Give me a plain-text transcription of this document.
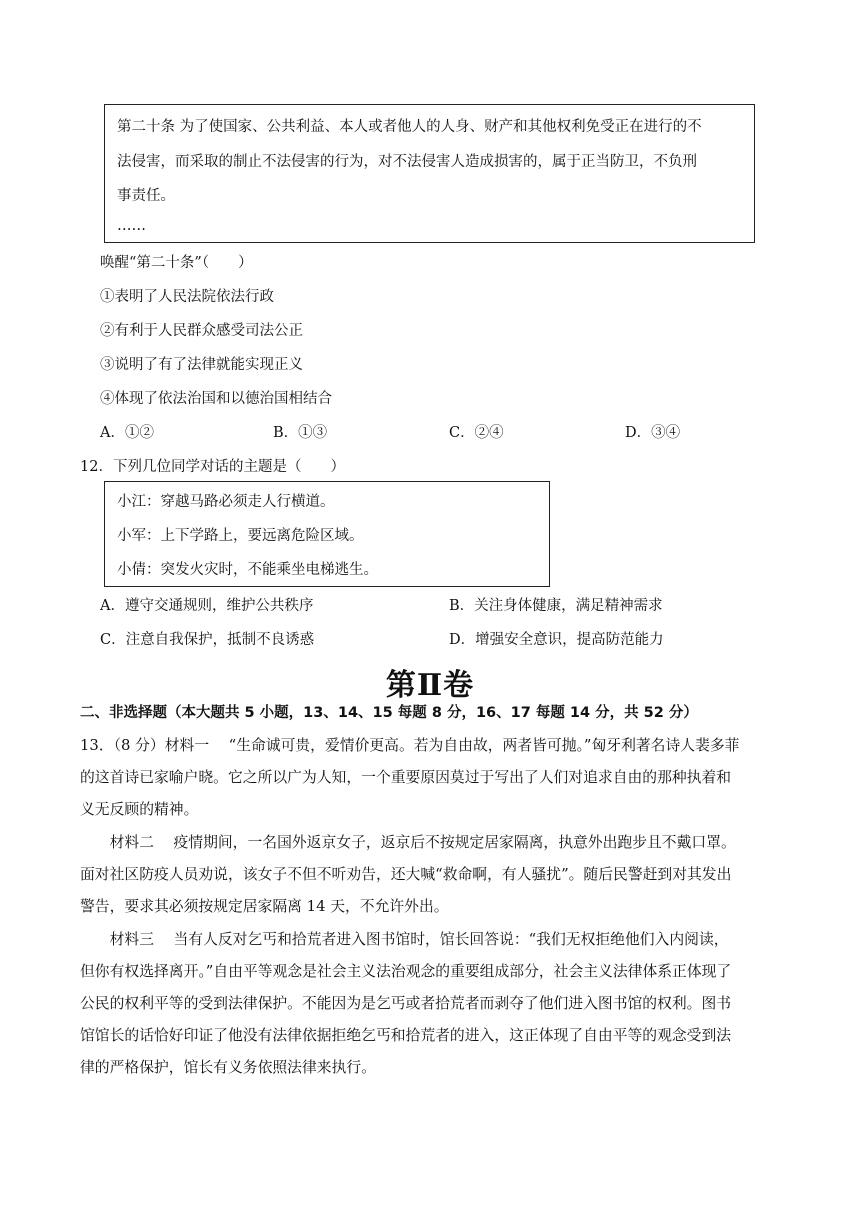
第二十条 为了使国家、公共利益、本人或者他人的人身、财产和其他权利免受正在进行的不
法侵害，而采取的制止不法侵害的行为，对不法侵害人造成损害的，属于正当防卫，不负刑
事责任。
……
唤醒“第二十条”（　　）
①表明了人民法院依法行政
②有利于人民群众感受司法公正
③说明了有了法律就能实现正义
④体现了依法治国和以德治国相结合
A．①②	B．①③	C．②④	D．③④
12．下列几位同学对话的主题是（　　）
小江：穿越马路必须走人行横道。
小军：上下学路上，要远离危险区域。
小倩：突发火灾时，不能乘坐电梯逃生。
A．遵守交通规则，维护公共秩序	B．关注身体健康，满足精神需求
C．注意自我保护，抵制不良诱惑	D．增强安全意识，提高防范能力
第Ⅱ卷
二、非选择题（本大题共 5 小题，13、14、15 每题 8 分，16、17 每题 14 分，共 52 分）
13．（8 分）材料一　 “生命诚可贵，爱情价更高。若为自由故，两者皆可抛。”匈牙利著名诗人裴多菲
的这首诗已家喻户晓。它之所以广为人知，一个重要原因莫过于写出了人们对追求自由的那种执着和
义无反顾的精神。
　　材料二　 疫情期间，一名国外返京女子，返京后不按规定居家隔离，执意外出跑步且不戴口罩。
面对社区防疫人员劝说，该女子不但不听劝告，还大喊“救命啊，有人骚扰”。随后民警赶到对其发出
警告，要求其必须按规定居家隔离 14 天，不允许外出。
　　材料三　 当有人反对乞丐和拾荒者进入图书馆时，馆长回答说：“我们无权拒绝他们入内阅读，
但你有权选择离开。”自由平等观念是社会主义法治观念的重要组成部分，社会主义法律体系正体现了
公民的权利平等的受到法律保护。不能因为是乞丐或者拾荒者而剥夺了他们进入图书馆的权利。图书
馆馆长的话恰好印证了他没有法律依据拒绝乞丐和拾荒者的进入，这正体现了自由平等的观念受到法
律的严格保护，馆长有义务依照法律来执行。
